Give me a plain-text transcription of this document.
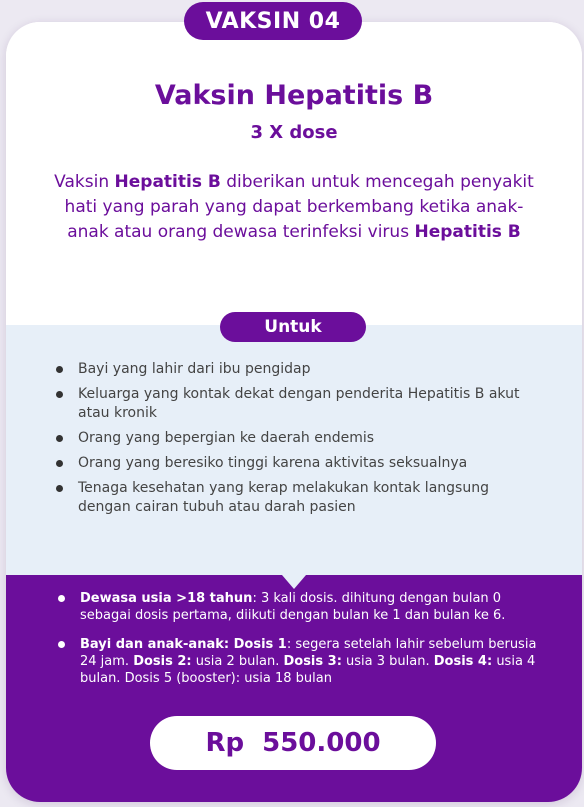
VAKSIN 04
Vaksin Hepatitis B
3 X dose
Vaksin Hepatitis B diberikan untuk mencegah penyakit hati yang parah yang dapat berkembang ketika anak-anak atau orang dewasa terinfeksi virus Hepatitis B
Untuk
Bayi yang lahir dari ibu pengidap
Keluarga yang kontak dekat dengan penderita Hepatitis B akut atau kronik
Orang yang bepergian ke daerah endemis
Orang yang beresiko tinggi karena aktivitas seksualnya
Tenaga kesehatan yang kerap melakukan kontak langsung dengan cairan tubuh atau darah pasien
Dewasa usia >18 tahun: 3 kali dosis. dihitung dengan bulan 0 sebagai dosis pertama, diikuti dengan bulan ke 1 dan bulan ke 6.
Bayi dan anak-anak: Dosis 1: segera setelah lahir sebelum berusia 24 jam. Dosis 2: usia 2 bulan. Dosis 3: usia 3 bulan. Dosis 4: usia 4 bulan. Dosis 5 (booster): usia 18 bulan
Rp 550.000
